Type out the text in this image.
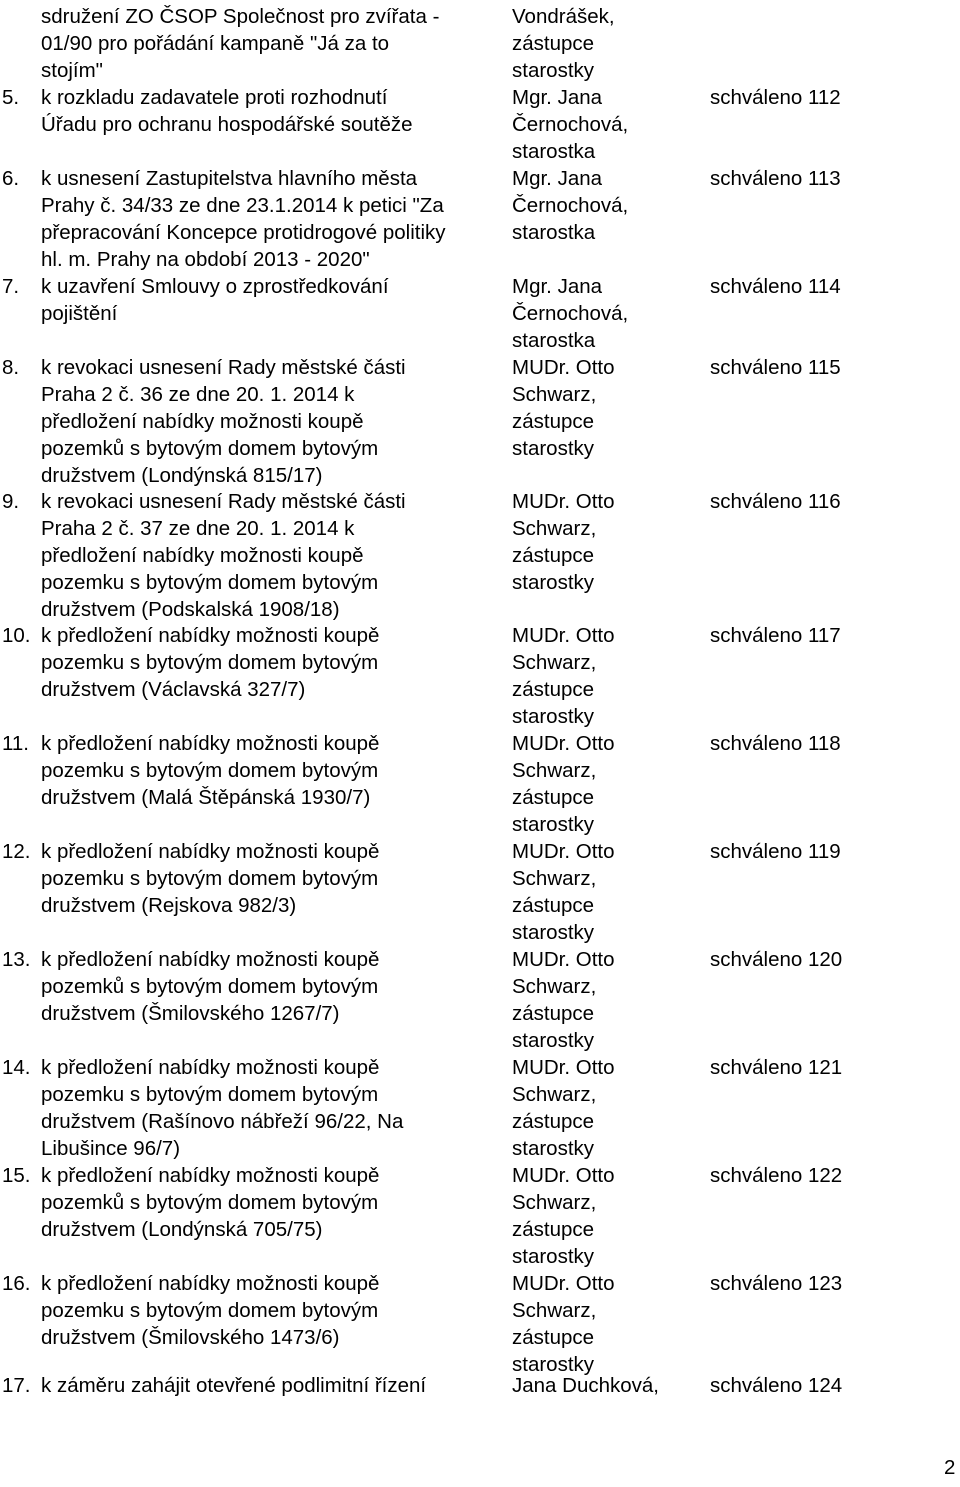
sdružení ZO ČSOP Společnost pro zvířata -
01/90 pro pořádání kampaně "Já za to
stojím"
Vondrášek,
zástupce
starostky
5. k rozkladu zadavatele proti rozhodnutí
Úřadu pro ochranu hospodářské soutěže
Mgr. Jana
Černochová,
starostka
schváleno 112
6. k usnesení Zastupitelstva hlavního města
Prahy č. 34/33 ze dne 23.1.2014 k petici "Za
přepracování Koncepce protidrogové politiky
hl. m. Prahy na období 2013 - 2020"
Mgr. Jana
Černochová,
starostka
schváleno 113
7. k uzavření Smlouvy o zprostředkování
pojištění
Mgr. Jana
Černochová,
starostka
schváleno 114
8. k revokaci usnesení Rady městské části
Praha 2 č. 36 ze dne 20. 1. 2014 k
předložení nabídky možnosti koupě
pozemků s bytovým domem bytovým
družstvem (Londýnská 815/17)
MUDr. Otto
Schwarz,
zástupce
starostky
schváleno 115
9. k revokaci usnesení Rady městské části
Praha 2 č. 37 ze dne 20. 1. 2014 k
předložení nabídky možnosti koupě
pozemku s bytovým domem bytovým
družstvem (Podskalská 1908/18)
MUDr. Otto
Schwarz,
zástupce
starostky
schváleno 116
10. k předložení nabídky možnosti koupě
pozemku s bytovým domem bytovým
družstvem (Václavská 327/7)
MUDr. Otto
Schwarz,
zástupce
starostky
schváleno 117
11. k předložení nabídky možnosti koupě
pozemku s bytovým domem bytovým
družstvem (Malá Štěpánská 1930/7)
MUDr. Otto
Schwarz,
zástupce
starostky
schváleno 118
12. k předložení nabídky možnosti koupě
pozemku s bytovým domem bytovým
družstvem (Rejskova 982/3)
MUDr. Otto
Schwarz,
zástupce
starostky
schváleno 119
13. k předložení nabídky možnosti koupě
pozemků s bytovým domem bytovým
družstvem (Šmilovského 1267/7)
MUDr. Otto
Schwarz,
zástupce
starostky
schváleno 120
14. k předložení nabídky možnosti koupě
pozemku s bytovým domem bytovým
družstvem (Rašínovo nábřeží 96/22, Na
Libušince 96/7)
MUDr. Otto
Schwarz,
zástupce
starostky
schváleno 121
15. k předložení nabídky možnosti koupě
pozemků s bytovým domem bytovým
družstvem (Londýnská 705/75)
MUDr. Otto
Schwarz,
zástupce
starostky
schváleno 122
16. k předložení nabídky možnosti koupě
pozemku s bytovým domem bytovým
družstvem (Šmilovského 1473/6)
MUDr. Otto
Schwarz,
zástupce
starostky
schváleno 123
17. k záměru zahájit otevřené podlimitní řízení	Jana Duchková, schváleno 124
2
